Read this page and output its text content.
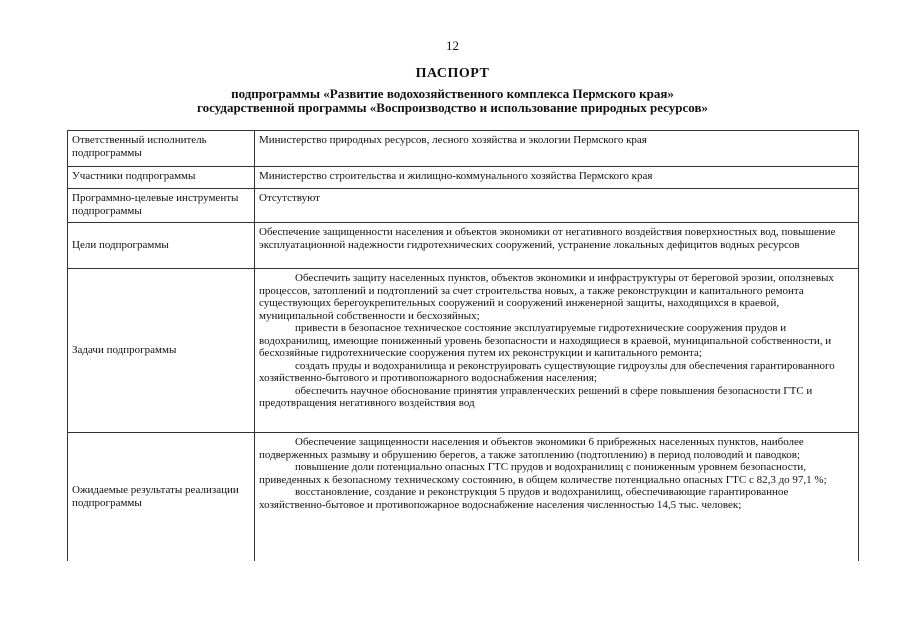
12
ПАСПОРТ
подпрограммы «Развитие водохозяйственного комплекса Пермского края»
государственной программы «Воспроизводство и использование природных ресурсов»
Ответственный исполнитель подпрограммы	Министерство природных ресурсов, лесного хозяйства и экологии Пермского края

Участники подпрограммы	Министерство строительства и жилищно-коммунального хозяйства Пермского края

Программно-целевые инструменты подпрограммы	Отсутствуют

Цели подпрограммы	Обеспечение защищенности населения и объектов экономики от негативного воздействия поверхностных вод, повышение эксплуатационной надежности гидротехнических сооружений, устранение локальных дефицитов водных ресурсов

Задачи подпрограммы	Обеспечить защиту населенных пунктов, объектов экономики и инфраструктуры от береговой эрозии, оползневых процессов, затоплений и подтоплений за счет строительства новых, а также реконструкции и капитального ремонта существующих берегоукрепительных сооружений и сооружений инженерной защиты, находящихся в краевой, муниципальной собственности и бесхозяйных;

привести в безопасное техническое состояние эксплуатируемые гидротехнические сооружения прудов и водохранилищ, имеющие пониженный уровень безопасности и находящиеся в краевой, муниципальной собственности, и бесхозяйные гидротехнические сооружения путем их реконструкции и капитального ремонта;

создать пруды и водохранилища и реконструировать существующие гидроузлы для обеспечения гарантированного хозяйственно-бытового и противопожарного водоснабжения населения;

обеспечить научное обоснование принятия управленческих решений в сфере повышения безопасности ГТС и предотвращения негативного воздействия вод

Ожидаемые результаты реализации подпрограммы	Обеспечение защищенности населения и объектов экономики 6 прибрежных населенных пунктов, наиболее подверженных размыву и обрушению берегов, а также затоплению (подтоплению) в период половодий и паводков;

повышение доли потенциально опасных ГТС прудов и водохранилищ с пониженным уровнем безопасности, приведенных к безопасному техническому состоянию, в общем количестве потенциально опасных ГТС с 82,3 до 97,1 %;

восстановление, создание и реконструкция 5 прудов и водохранилищ, обеспечивающие гарантированное хозяйственно-бытовое и противопожарное водоснабжение населения численностью 14,5 тыс. человек;
